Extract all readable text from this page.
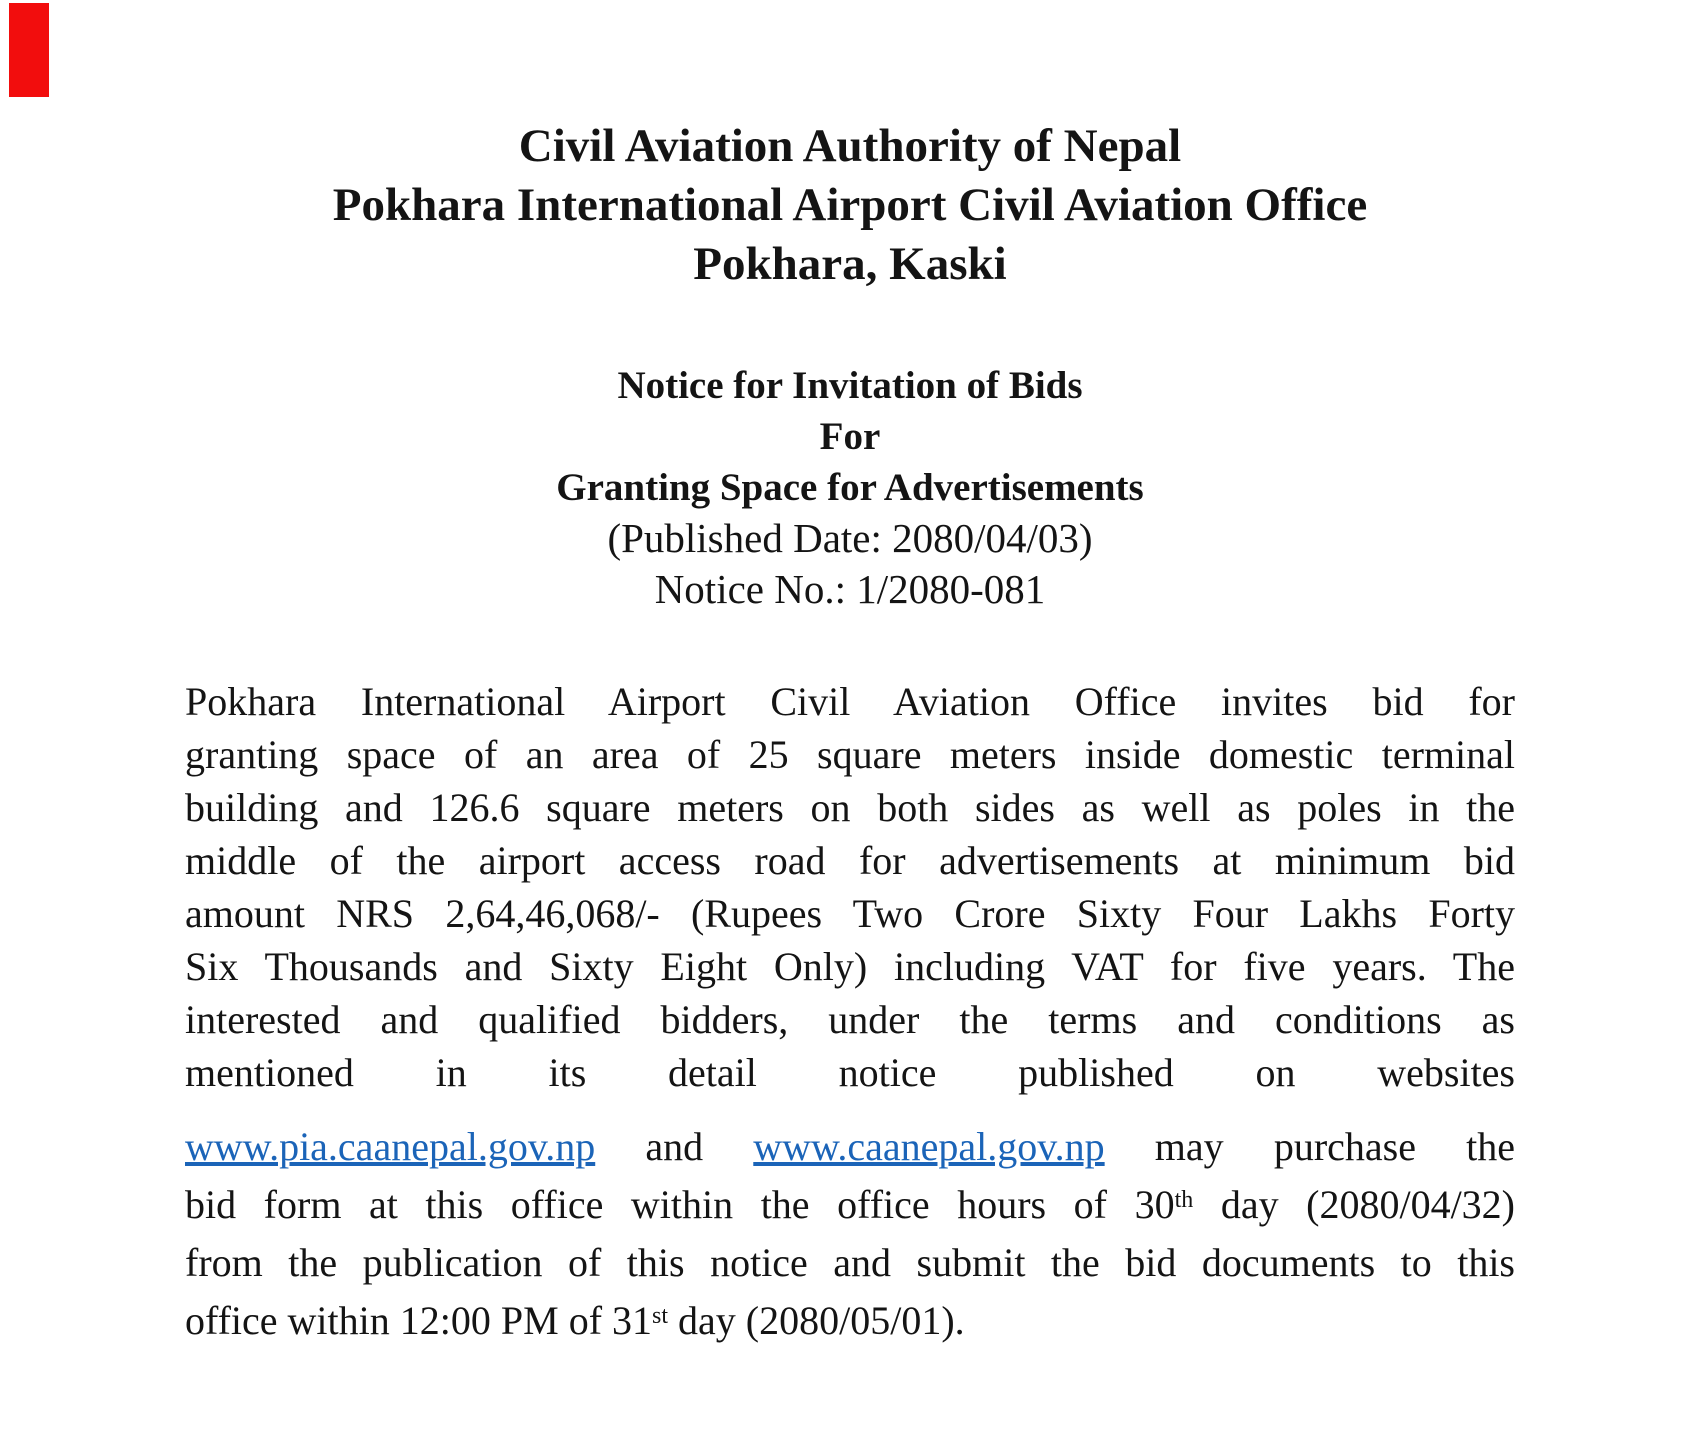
Civil Aviation Authority of Nepal
Pokhara International Airport Civil Aviation Office
Pokhara, Kaski
Notice for Invitation of Bids
For
Granting Space for Advertisements
(Published Date: 2080/04/03)
Notice No.: 1/2080-081
Pokhara International Airport Civil Aviation Office invites bid for
granting space of an area of 25 square meters inside domestic terminal
building and 126.6 square meters on both sides as well as poles in the
middle of the airport access road for advertisements at minimum bid
amount NRS 2,64,46,068/- (Rupees Two Crore Sixty Four Lakhs Forty
Six Thousands and Sixty Eight Only) including VAT for five years. The
interested and qualified bidders, under the terms and conditions as
mentioned in its detail notice published on websites
www.pia.caanepal.gov.np and www.caanepal.gov.np may purchase the
bid form at this office within the office hours of 30th day (2080/04/32)
from the publication of this notice and submit the bid documents to this
office within 12:00 PM of 31st day (2080/05/01).
